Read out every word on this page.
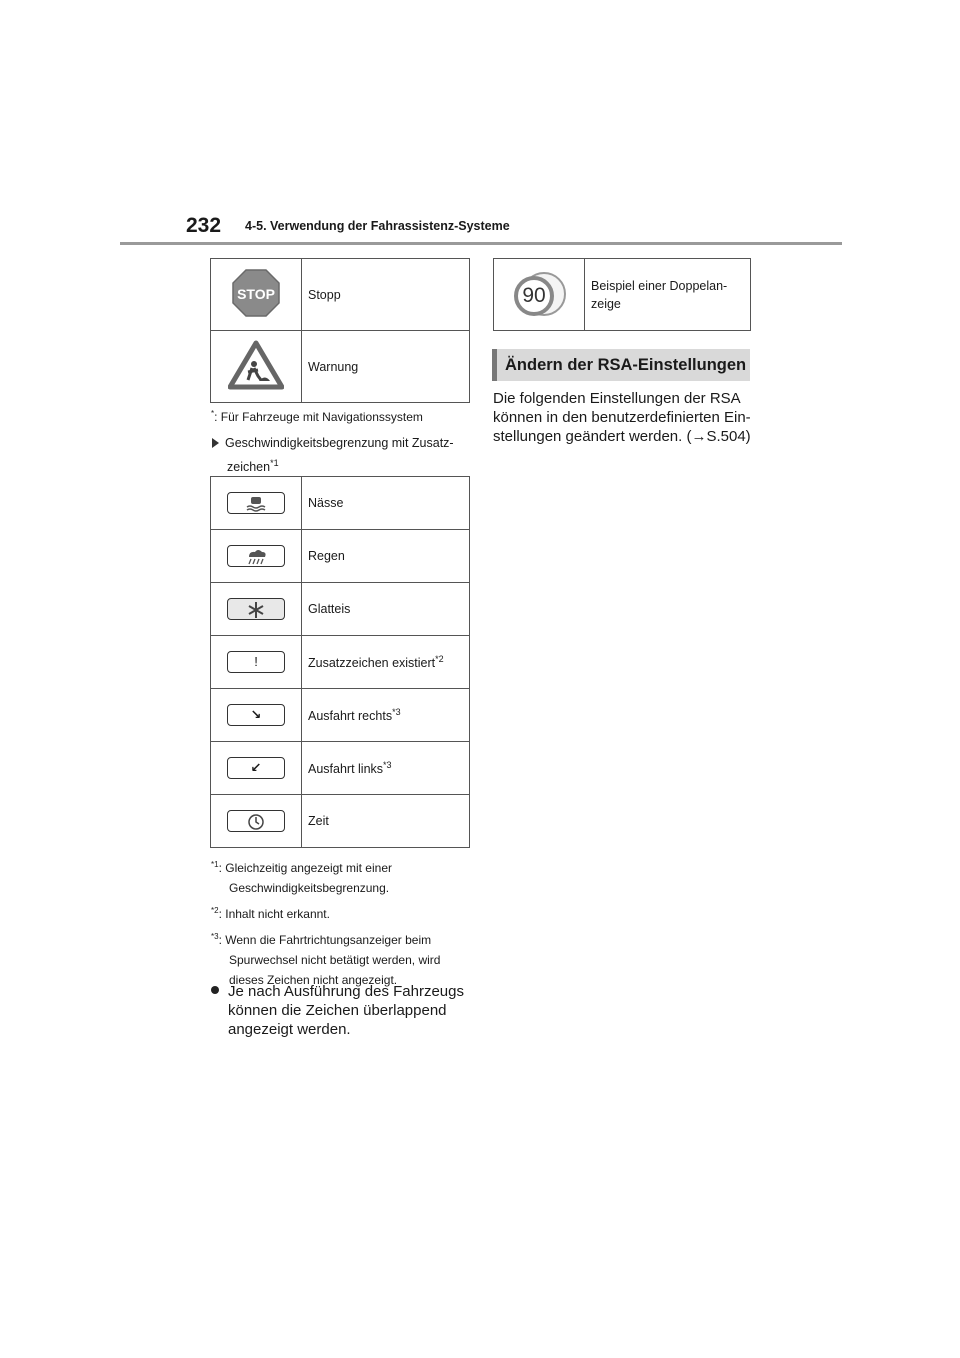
232 4-5. Verwendung der Fahrassistenz-Systeme
STOP	Stopp
	Warnung
*: Für Fahrzeuge mit Navigationssystem
Geschwindigkeitsbegrenzung mit Zusatz-
zeichen$^{*1}$
	Nässe
	Regen
	Glatteis
!	Zusatzzeichen existiert$^{*2}$
↘	Ausfahrt rechts$^{*3}$
↙	Ausfahrt links$^{*3}$
	Zeit
$^{*1}$: Gleichzeitig angezeigt mit einer
Geschwindigkeitsbegrenzung.
$^{*2}$: Inhalt nicht erkannt.
$^{*3}$: Wenn die Fahrtrichtungsanzeiger beim
Spurwechsel nicht betätigt werden, wird
dieses Zeichen nicht angezeigt.
Je nach Ausführung des Fahrzeugs
können die Zeichen überlappend
angezeigt werden.
90	Beispiel einer Doppelan-
zeige
Ändern der RSA-Einstellungen
Die folgenden Einstellungen der RSA
können in den benutzerdefinierten Ein-
stellungen geändert werden. (→S.504)
